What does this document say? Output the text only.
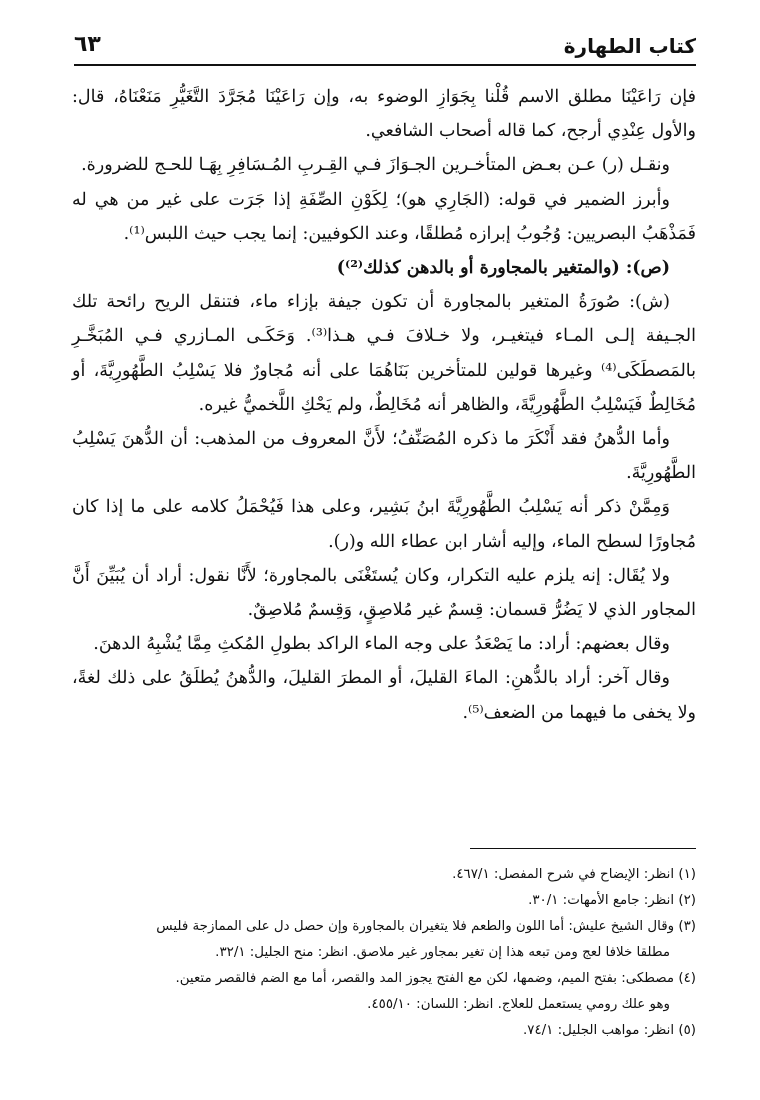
كتاب الطهارة
٦٣

فإن رَاعَيْنَا مطلق الاسم قُلْنا بِجَوَازِ الوضوء به، وإن رَاعَيْنَا مُجَرَّدَ التَّغَيُّرِ مَنَعْنَاهُ، قال: والأول عِنْدِي أرجح، كما قاله أصحاب الشافعي.

ونقـل (ر) عـن بعـض المتأخـرين الجـوَازَ فـي القِـربِ المُـسَافِرِ بِهَـا للحـج للضرورة.

وأبرز الضمير في قوله: (الجَارِي هو)؛ لِكَوْنِ الصِّفَةِ إذا جَرَت على غير من هي له فَمَذْهَبُ البصريين: وُجُوبُ إبرازه مُطلقًا، وعند الكوفيين: إنما يجب حيث اللبس⁽¹⁾.

(ص): (والمتغير بالمجاورة أو بالدهن كذلك⁽²⁾)

(ش): صُورَةُ المتغير بالمجاورة أن تكون جيفة بإزاء ماء، فتنقل الريح رائحة تلك الجـيفة إلـى المـاء فيتغيـر، ولا خـلافَ فـي هـذا⁽³⁾. وَحَكَـى المـازري فـي المُبَخَّـرِ بالمَصطَكَى⁽⁴⁾ وغيرها قولين للمتأخرين بَنَاهُمَا على أنه مُجاورٌ فلا يَسْلِبُ الطَّهُورِيَّةَ، أو مُخَالِطٌ فَيَسْلِبُ الطَّهُورِيَّةَ، والظاهر أنه مُخَالِطٌ، ولم يَحْكِ اللَّخميُّ غيره.

وأما الدُّهنُ فقد أَنْكَرَ ما ذكره المُصَنِّفُ؛ لأَنَّ المعروف من المذهب: أن الدُّهنَ يَسْلِبُ الطَّهُورِيَّةَ.

وَمِمَّنْ ذكر أنه يَسْلِبُ الطَّهُورِيَّةَ ابنُ بَشِير، وعلى هذا فَيُحْمَلُ كلامه على ما إذا كان مُجاورًا لسطح الماء، وإليه أشار ابن عطاء الله و(ر).

ولا يُقَال: إنه يلزم عليه التكرار، وكان يُستَغْنَى بالمجاورة؛ لأَنَّا نقول: أراد أن يُبَيِّنَ أَنَّ المجاور الذي لا يَضُرُّ قسمان: قِسمٌ غير مُلاصِقٍ، وَقِسمٌ مُلاصِقٌ.

وقال بعضهم: أراد: ما يَصْعَدُ على وجه الماء الراكد بطولِ المُكثِ مِمَّا يُشْبِهُ الدهنَ.

وقال آخر: أراد بالدُّهنِ: الماءَ القليلَ، أو المطرَ القليلَ، والدُّهنُ يُطلَقُ على ذلك لغةً، ولا يخفى ما فيهما من الضعف⁽⁵⁾.

(١) انظر: الإيضاح في شرح المفصل: ٤٦٧/١.

(٢) انظر: جامع الأمهات: ٣٠/١.

(٣) وقال الشيخ عليش: أما اللون والطعم فلا يتغيران بالمجاورة وإن حصل دل على الممازجة فليس

مطلقا خلافا لعج ومن تبعه هذا إن تغير بمجاور غير ملاصق. انظر: منح الجليل: ٣٢/١.

(٤) مصطكى: بفتح الميم، وضمها، لكن مع الفتح يجوز المد والقصر، أما مع الضم فالقصر متعين.

وهو علك رومي يستعمل للعلاج. انظر: اللسان: ٤٥٥/١٠.

(٥) انظر: مواهب الجليل: ٧٤/١.
